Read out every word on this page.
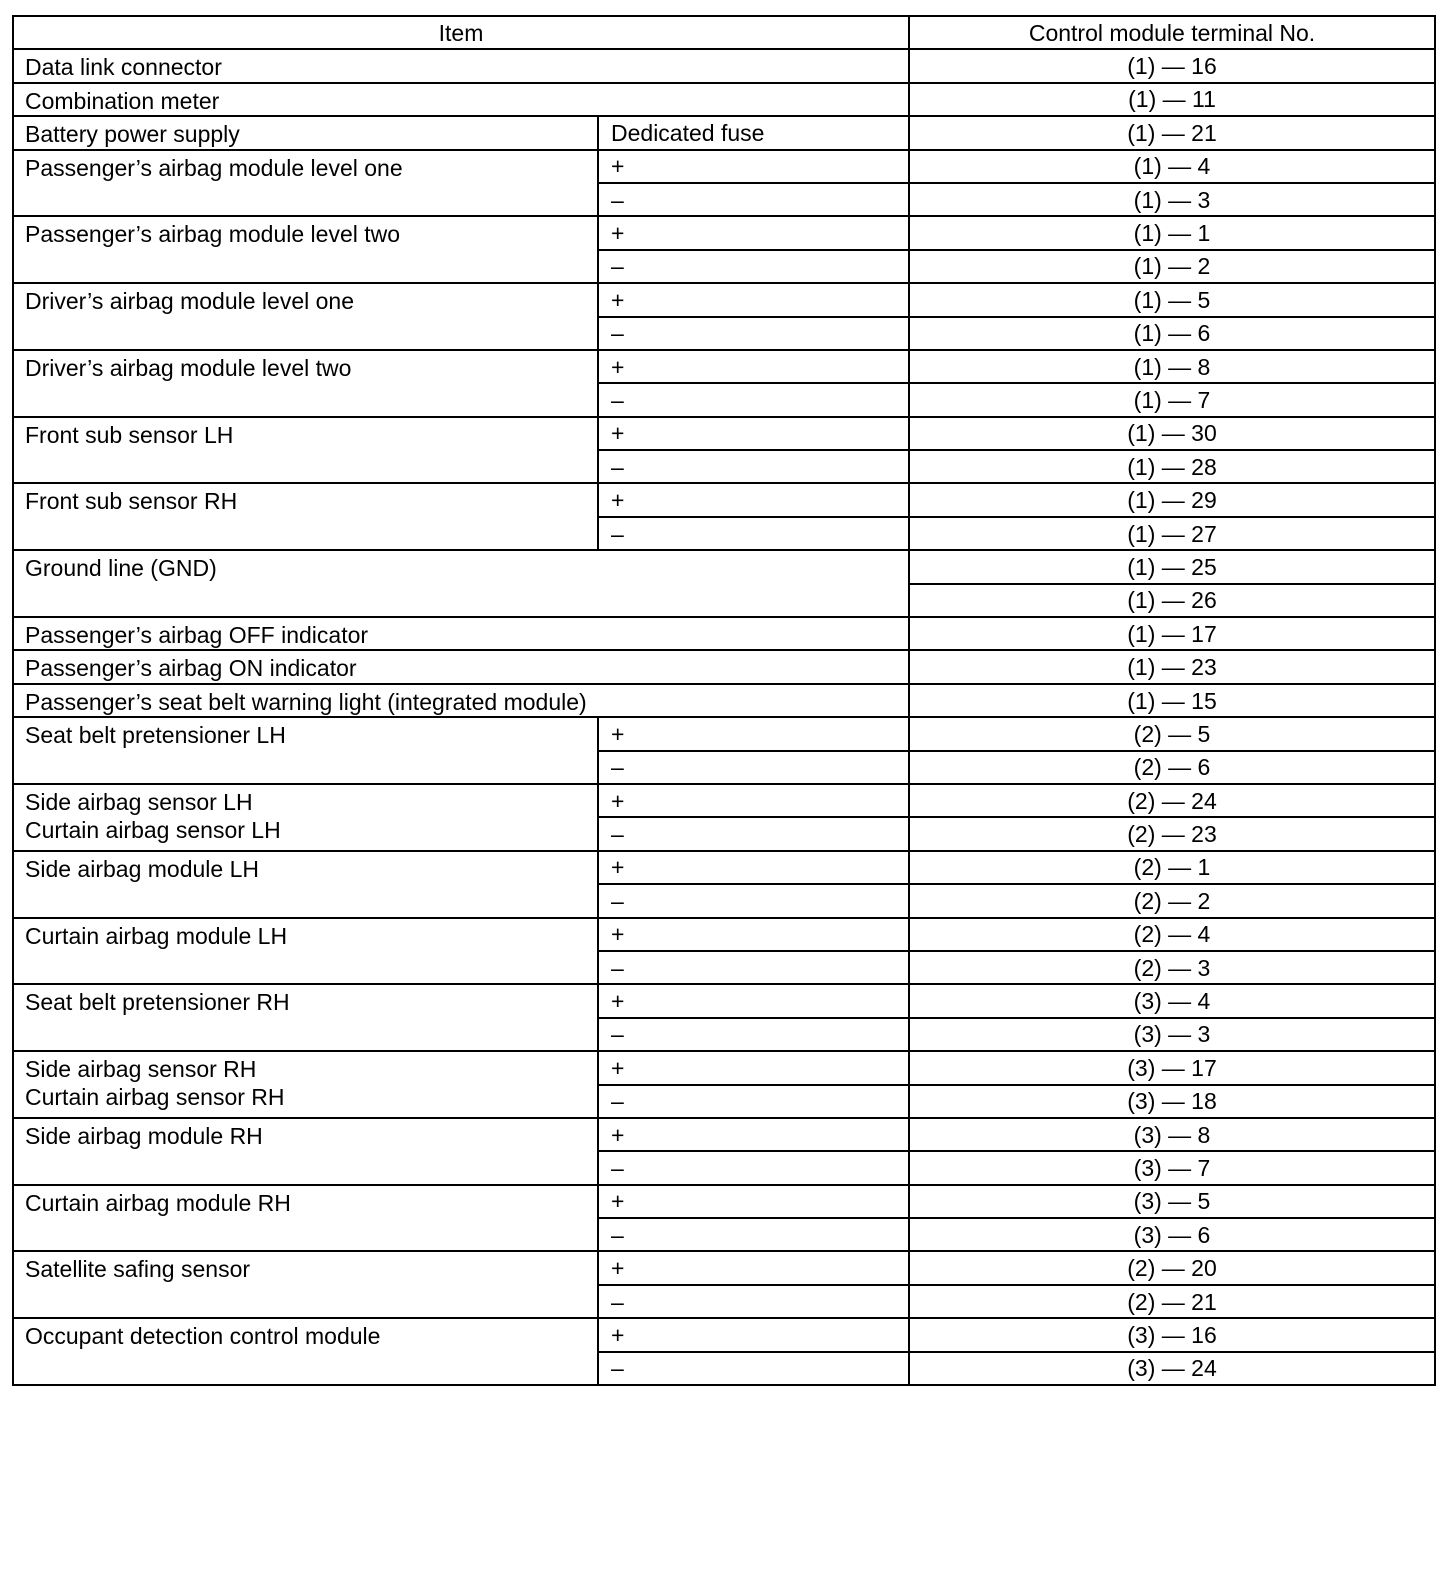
Item		Control module terminal No.
Data link connector		(1) — 16
Combination meter		(1) — 11
Battery power supply	Dedicated fuse	(1) — 21
Passenger’s airbag module level one	+	(1) — 4
	–	(1) — 3
Passenger’s airbag module level two	+	(1) — 1
	–	(1) — 2
Driver’s airbag module level one	+	(1) — 5
	–	(1) — 6
Driver’s airbag module level two	+	(1) — 8
	–	(1) — 7
Front sub sensor LH	+	(1) — 30
	–	(1) — 28
Front sub sensor RH	+	(1) — 29
	–	(1) — 27
Ground line (GND)		(1) — 25
		(1) — 26
Passenger’s airbag OFF indicator		(1) — 17
Passenger’s airbag ON indicator		(1) — 23
Passenger’s seat belt warning light (integrated module)		(1) — 15
Seat belt pretensioner LH	+	(2) — 5
	–	(2) — 6
Side airbag sensor LH
Curtain airbag sensor LH	+	(2) — 24
	–	(2) — 23
Side airbag module LH	+	(2) — 1
	–	(2) — 2
Curtain airbag module LH	+	(2) — 4
	–	(2) — 3
Seat belt pretensioner RH	+	(3) — 4
	–	(3) — 3
Side airbag sensor RH
Curtain airbag sensor RH	+	(3) — 17
	–	(3) — 18
Side airbag module RH	+	(3) — 8
	–	(3) — 7
Curtain airbag module RH	+	(3) — 5
	–	(3) — 6
Satellite safing sensor	+	(2) — 20
	–	(2) — 21
Occupant detection control module	+	(3) — 16
	–	(3) — 24
